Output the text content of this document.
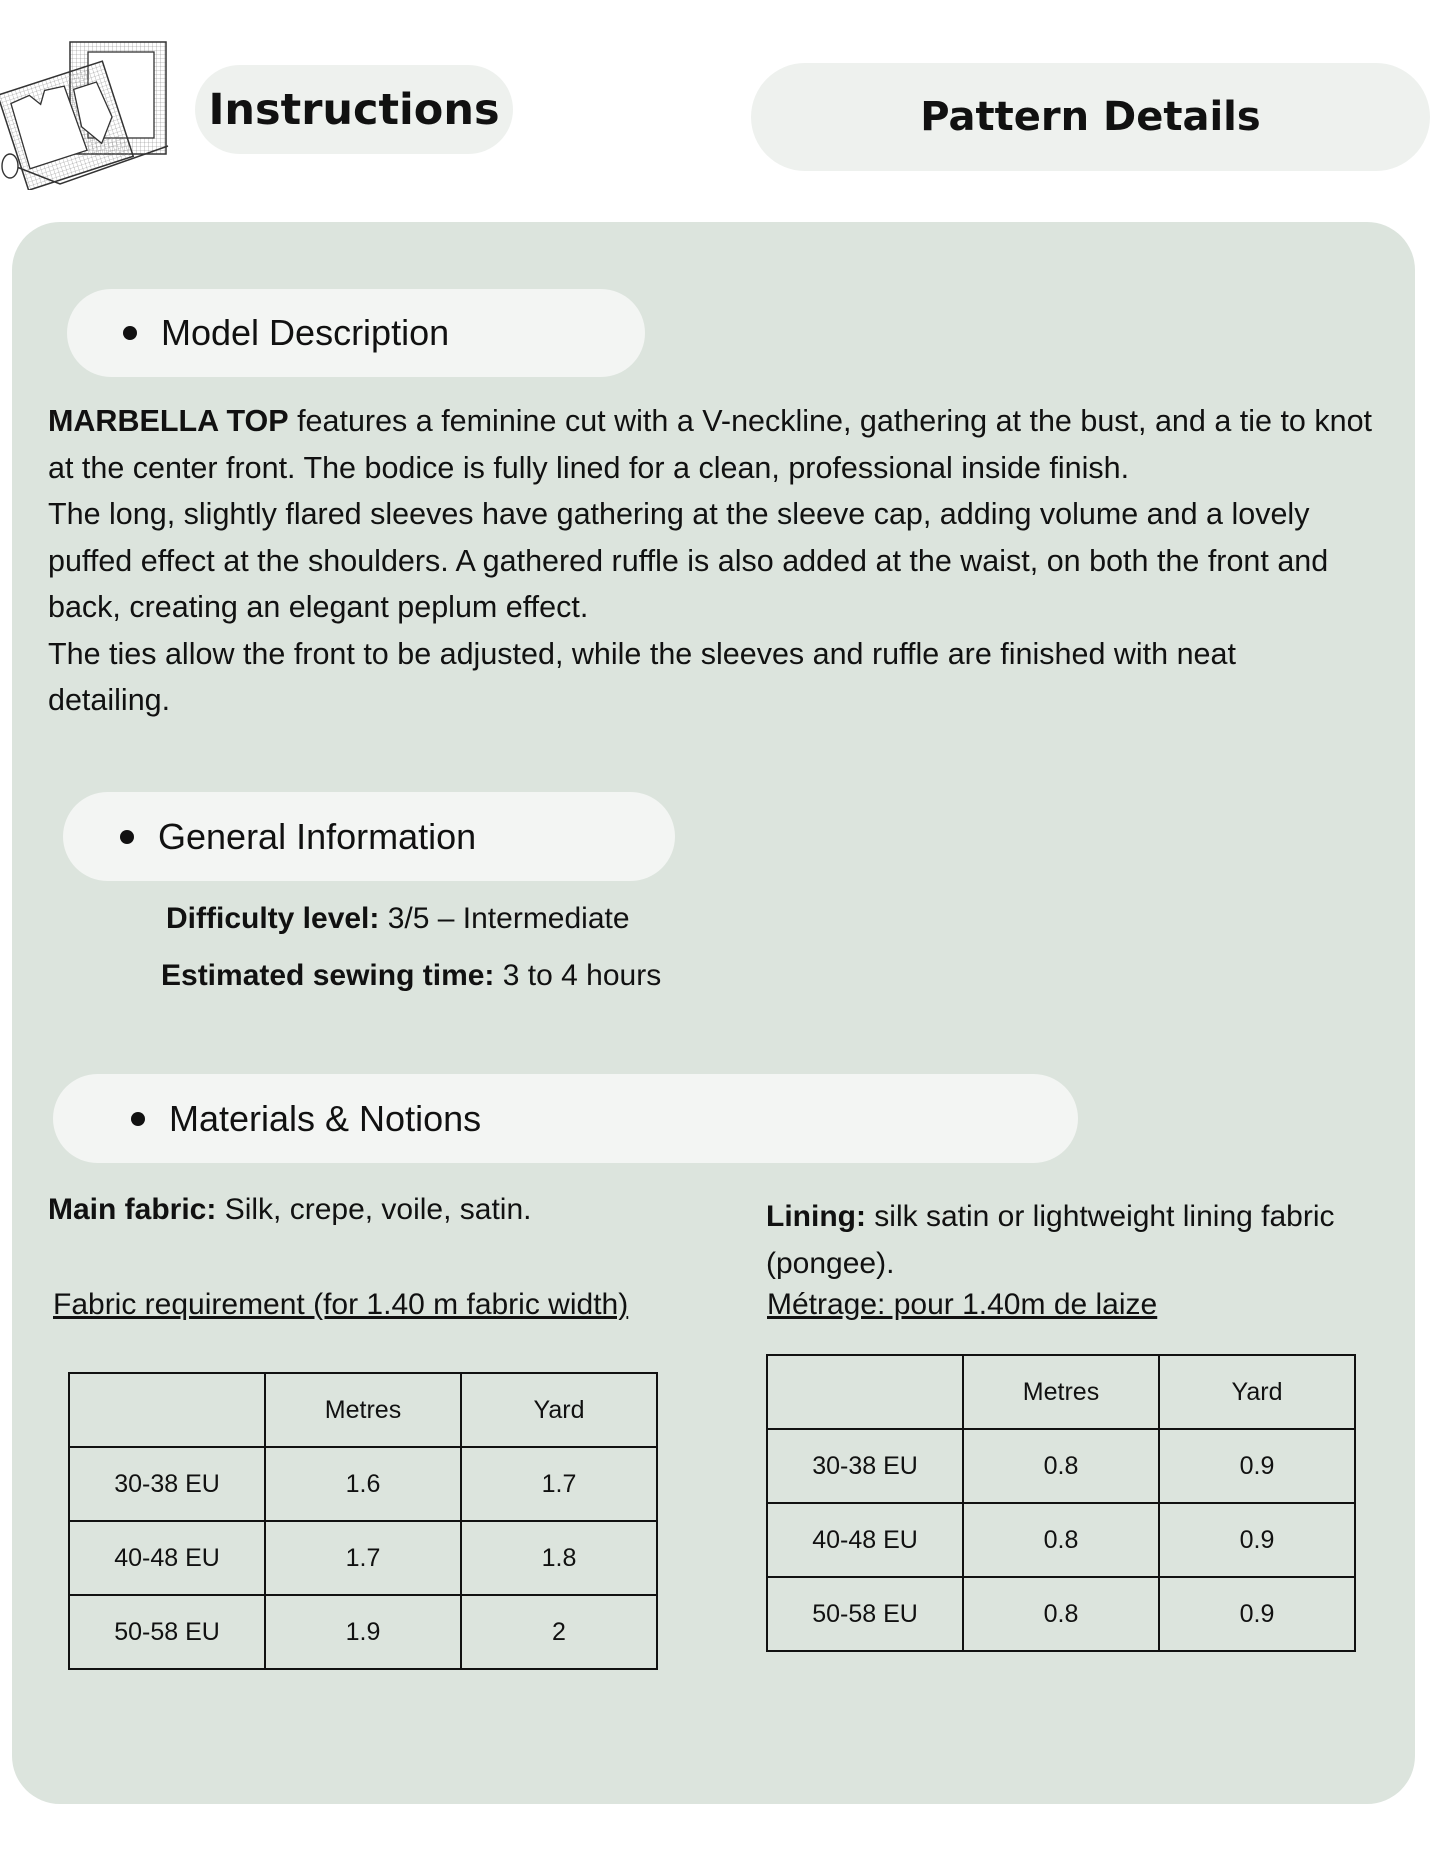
Instructions	Pattern Details
Model Description
MARBELLA TOP features a feminine cut with a V-neckline, gathering at the bust, and a tie to knot
at the center front. The bodice is fully lined for a clean, professional inside finish.
The long, slightly flared sleeves have gathering at the sleeve cap, adding volume and a lovely
puffed effect at the shoulders. A gathered ruffle is also added at the waist, on both the front and
back, creating an elegant peplum effect.
The ties allow the front to be adjusted, while the sleeves and ruffle are finished with neat
detailing.
General Information
Difficulty level: 3/5 – Intermediate
Estimated sewing time: 3 to 4 hours
Materials & Notions
Main fabric: Silk, crepe, voile, satin.
Fabric requirement (for 1.40 m fabric width)
Lining: silk satin or lightweight lining fabric
(pongee).
Métrage: pour 1.40m de laize
	Metres	Yard
30-38 EU	1.6	1.7
40-48 EU	1.7	1.8
50-58 EU	1.9	2
	Metres	Yard
30-38 EU	0.8	0.9
40-48 EU	0.8	0.9
50-58 EU	0.8	0.9
